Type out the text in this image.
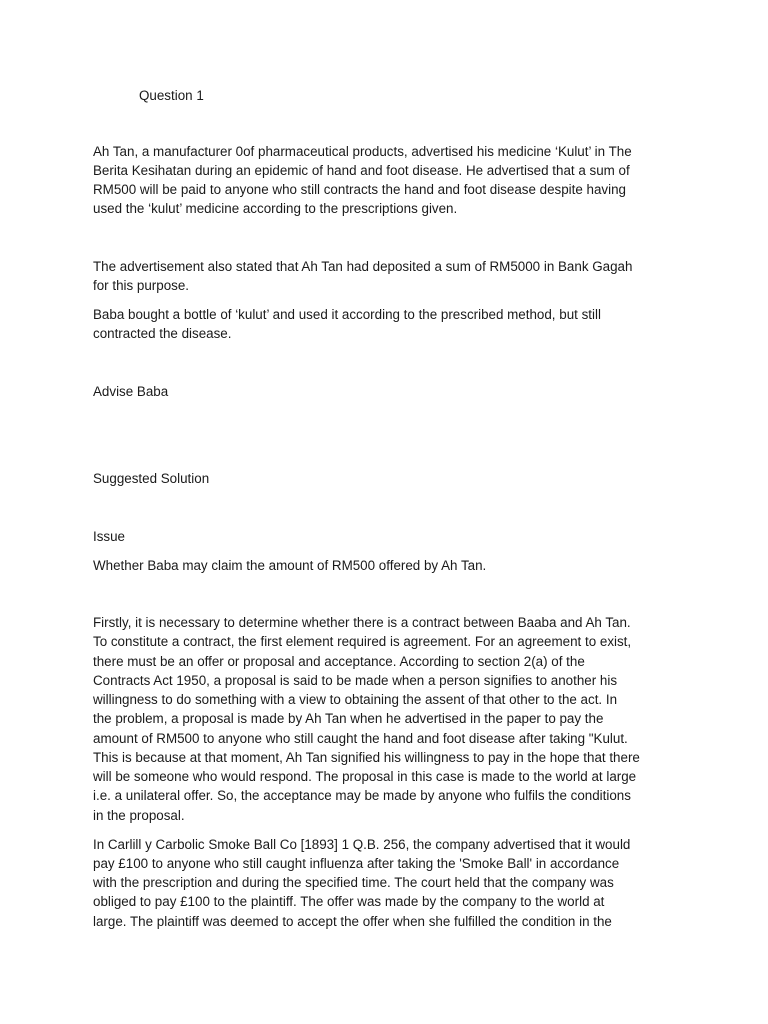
Question 1
Ah Tan, a manufacturer 0of pharmaceutical products, advertised his medicine ‘Kulut’ in The
Berita Kesihatan during an epidemic of hand and foot disease. He advertised that a sum of
RM500 will be paid to anyone who still contracts the hand and foot disease despite having
used the ‘kulut’ medicine according to the prescriptions given.
The advertisement also stated that Ah Tan had deposited a sum of RM5000 in Bank Gagah
for this purpose.
Baba bought a bottle of ‘kulut’ and used it according to the prescribed method, but still
contracted the disease.
Advise Baba
Suggested Solution
Issue
Whether Baba may claim the amount of RM500 offered by Ah Tan.
Firstly, it is necessary to determine whether there is a contract between Baaba and Ah Tan.
To constitute a contract, the first element required is agreement. For an agreement to exist,
there must be an offer or proposal and acceptance. According to section 2(a) of the
Contracts Act 1950, a proposal is said to be made when a person signifies to another his
willingness to do something with a view to obtaining the assent of that other to the act. In
the problem, a proposal is made by Ah Tan when he advertised in the paper to pay the
amount of RM500 to anyone who still caught the hand and foot disease after taking "Kulut.
This is because at that moment, Ah Tan signified his willingness to pay in the hope that there
will be someone who would respond. The proposal in this case is made to the world at large
i.e. a unilateral offer. So, the acceptance may be made by anyone who fulfils the conditions
in the proposal.
In Carlill y Carbolic Smoke Ball Co [1893] 1 Q.B. 256, the company advertised that it would
pay £100 to anyone who still caught influenza after taking the 'Smoke Ball' in accordance
with the prescription and during the specified time. The court held that the company was
obliged to pay £100 to the plaintiff. The offer was made by the company to the world at
large. The plaintiff was deemed to accept the offer when she fulfilled the condition in the
